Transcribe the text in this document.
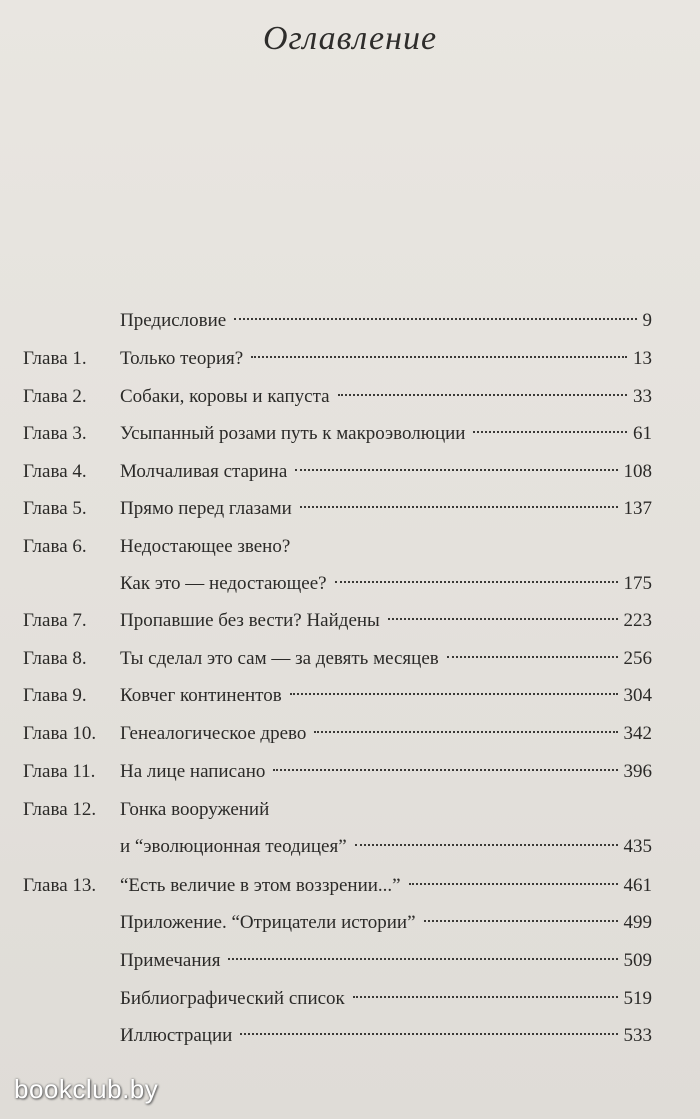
Оглавление
Предисловие	9
Глава 1. Только теория?	13
Глава 2. Собаки, коровы и капуста	33
Глава 3. Усыпанный розами путь к макроэволюции	61
Глава 4. Молчаливая старина	108
Глава 5. Прямо перед глазами	137
Глава 6. Недостающее звено?
Как это — недостающее?	175
Глава 7. Пропавшие без вести? Найдены	223
Глава 8. Ты сделал это сам — за девять месяцев	256
Глава 9. Ковчег континентов	304
Глава 10. Генеалогическое древо	342
Глава 11. На лице написано	396
Глава 12. Гонка вооружений
и “эволюционная теодицея”	435
Глава 13. “Есть величие в этом воззрении...”	461
Приложение. “Отрицатели истории”	499
Примечания	509
Библиографический список	519
Иллюстрации	533
bookclub.by
